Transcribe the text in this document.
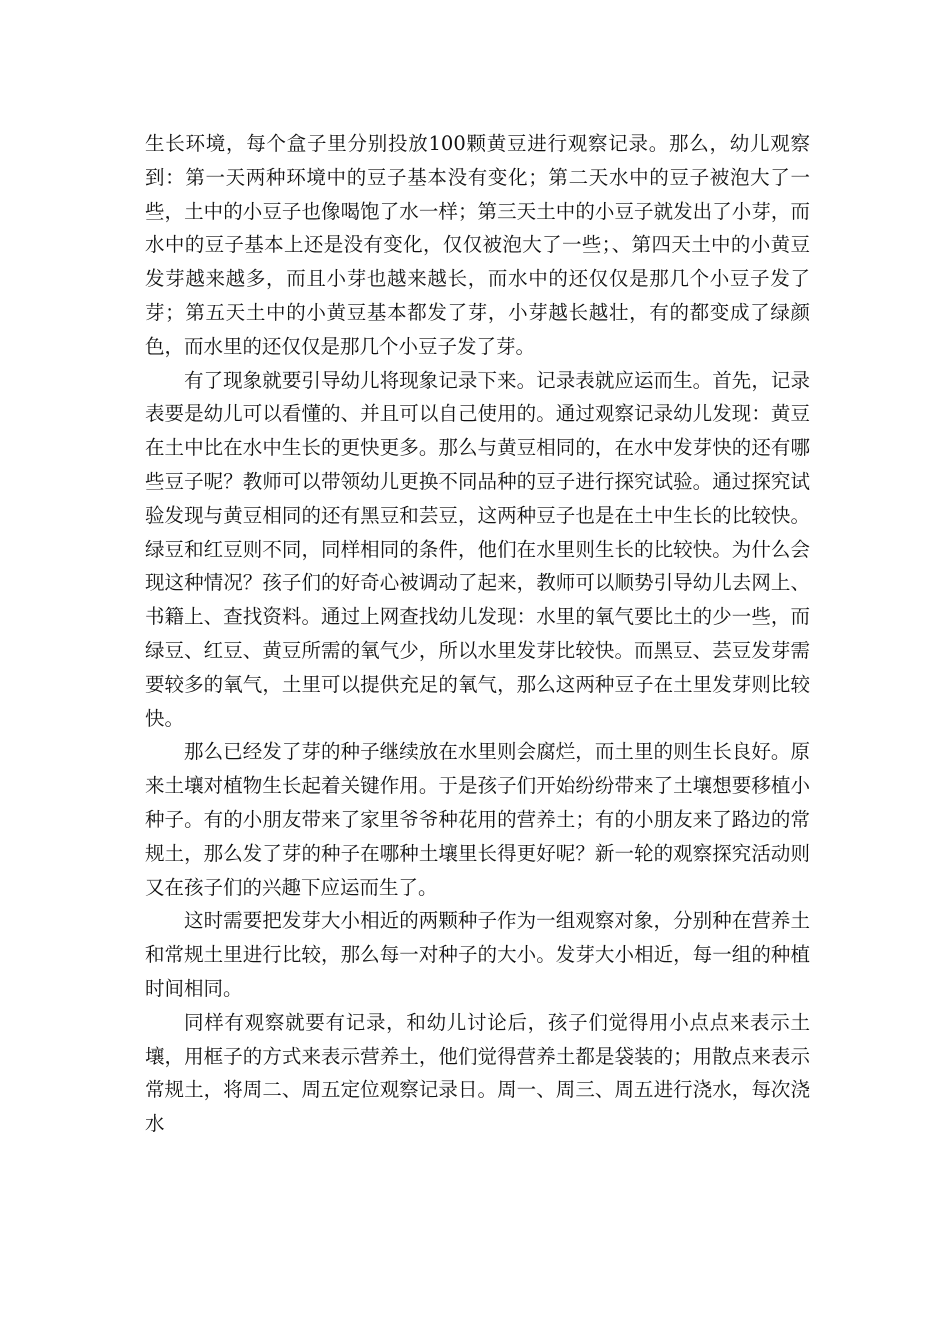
生长环境，每个盒子里分别投放100颗黄豆进行观察记录。那么，幼儿观察到：第一天两种环境中的豆子基本没有变化；第二天水中的豆子被泡大了一些，土中的小豆子也像喝饱了水一样；第三天土中的小豆子就发出了小芽，而水中的豆子基本上还是没有变化，仅仅被泡大了一些；、第四天土中的小黄豆发芽越来越多，而且小芽也越来越长，而水中的还仅仅是那几个小豆子发了芽；第五天土中的小黄豆基本都发了芽，小芽越长越壮，有的都变成了绿颜色，而水里的还仅仅是那几个小豆子发了芽。

有了现象就要引导幼儿将现象记录下来。记录表就应运而生。首先，记录表要是幼儿可以看懂的、并且可以自己使用的。通过观察记录幼儿发现：黄豆在土中比在水中生长的更快更多。那么与黄豆相同的，在水中发芽快的还有哪些豆子呢？教师可以带领幼儿更换不同品种的豆子进行探究试验。通过探究试验发现与黄豆相同的还有黑豆和芸豆，这两种豆子也是在土中生长的比较快。绿豆和红豆则不同，同样相同的条件，他们在水里则生长的比较快。为什么会现这种情况？孩子们的好奇心被调动了起来，教师可以顺势引导幼儿去网上、书籍上、查找资料。通过上网查找幼儿发现：水里的氧气要比土的少一些，而绿豆、红豆、黄豆所需的氧气少，所以水里发芽比较快。而黑豆、芸豆发芽需要较多的氧气，土里可以提供充足的氧气，那么这两种豆子在土里发芽则比较快。

那么已经发了芽的种子继续放在水里则会腐烂，而土里的则生长良好。原来土壤对植物生长起着关键作用。于是孩子们开始纷纷带来了土壤想要移植小种子。有的小朋友带来了家里爷爷种花用的营养土；有的小朋友来了路边的常规土，那么发了芽的种子在哪种土壤里长得更好呢？新一轮的观察探究活动则又在孩子们的兴趣下应运而生了。

这时需要把发芽大小相近的两颗种子作为一组观察对象，分别种在营养土和常规土里进行比较，那么每一对种子的大小。发芽大小相近，每一组的种植时间相同。

同样有观察就要有记录，和幼儿讨论后，孩子们觉得用小点点来表示土壤，用框子的方式来表示营养土，他们觉得营养土都是袋装的；用散点来表示常规土，将周二、周五定位观察记录日。周一、周三、周五进行浇水，每次浇水
